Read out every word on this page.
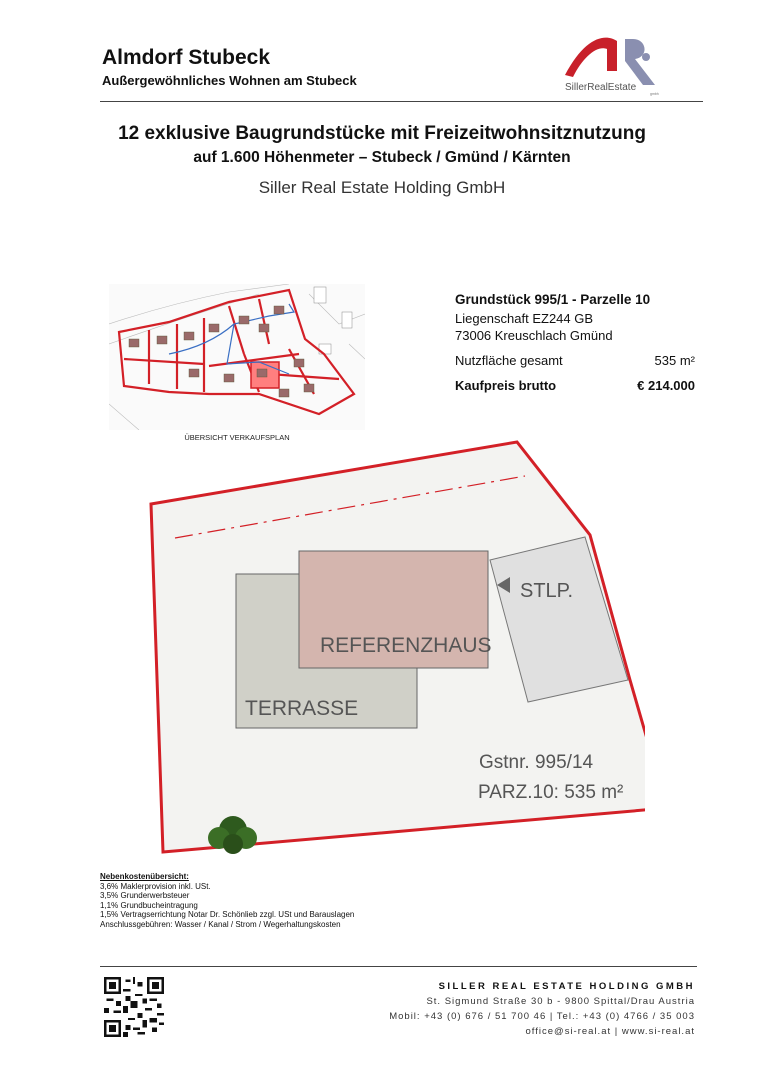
Almdorf Stubeck
Außergewöhnliches Wohnen am Stubeck	SillerRealEstate
gmbh
12 exklusive Baugrundstücke mit Freizeitwohnsitznutzung
auf 1.600 Höhenmeter – Stubeck / Gmünd / Kärnten
Siller Real Estate Holding GmbH
ÜBERSICHT VERKAUFSPLAN
Grundstück 995/1 - Parzelle 10
Liegenschaft EZ244 GB
73006 Kreuschlach Gmünd
Nutzfläche gesamt	535 m²
Kaufpreis brutto	€ 214.000
REFERENZHAUS
TERRASSE
STLP.
Gstnr. 995/14
PARZ.10: 535 m²
Nebenkostenübersicht:
3,6% Maklerprovision inkl. USt.
3,5% Grunderwerbsteuer
1,1% Grundbucheintragung
1,5% Vertragserrichtung Notar Dr. Schönlieb zzgl. USt und Barauslagen
Anschlussgebühren: Wasser / Kanal / Strom / Wegerhaltungskosten
SILLER REAL ESTATE HOLDING GMBH
St. Sigmund Straße 30 b - 9800 Spittal/Drau Austria
Mobil: +43 (0) 676 / 51 700 46 | Tel.: +43 (0) 4766 / 35 003
office@si-real.at | www.si-real.at
